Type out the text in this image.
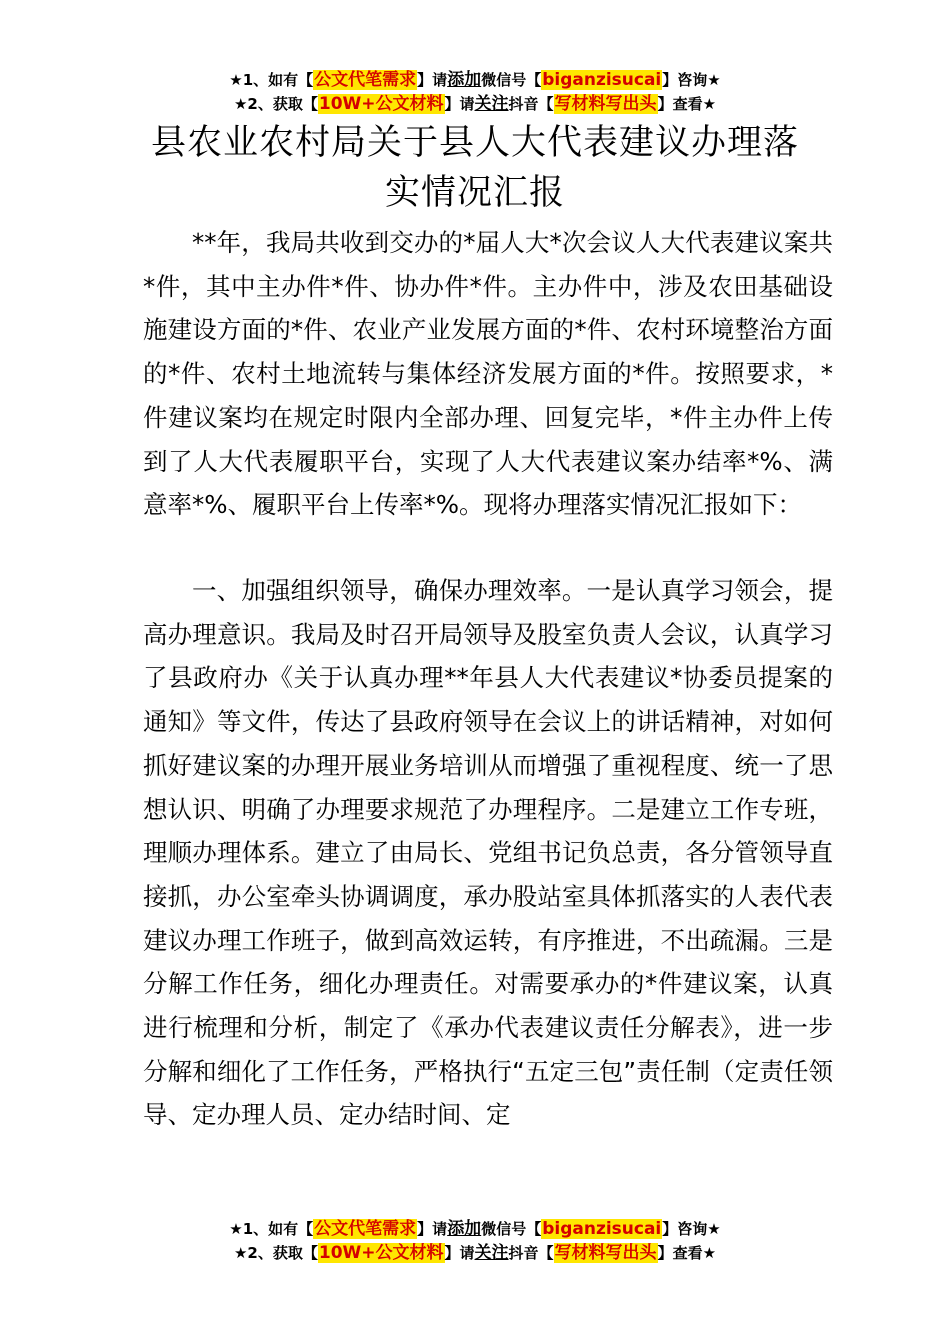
★1、如有【公文代笔需求】请添加微信号【biganzisucai】咨询★
★2、获取【10W+公文材料】请关注抖音【写材料写出头】查看★
县农业农村局关于县人大代表建议办理落
实情况汇报

**年，我局共收到交办的*届人大*次会议人大代表建议案共*件，其中主办件*件、协办件*件。主办件中，涉及农田基础设施建设方面的*件、农业产业发展方面的*件、农村环境整治方面的*件、农村土地流转与集体经济发展方面的*件。按照要求，*件建议案均在规定时限内全部办理、回复完毕，*件主办件上传到了人大代表履职平台，实现了人大代表建议案办结率*%、满意率*%、履职平台上传率*%。现将办理落实情况汇报如下：

一、加强组织领导，确保办理效率。一是认真学习领会，提高办理意识。我局及时召开局领导及股室负责人会议，认真学习了县政府办《关于认真办理**年县人大代表建议*协委员提案的通知》等文件，传达了县政府领导在会议上的讲话精神，对如何抓好建议案的办理开展业务培训从而增强了重视程度、统一了思想认识、明确了办理要求规范了办理程序。二是建立工作专班，理顺办理体系。建立了由局长、党组书记负总责，各分管领导直接抓，办公室牵头协调调度，承办股站室具体抓落实的人表代表建议办理工作班子，做到高效运转，有序推进，不出疏漏。三是分解工作任务，细化办理责任。对需要承办的*件建议案，认真进行梳理和分析，制定了《承办代表建议责任分解表》，进一步分解和细化了工作任务，严格执行“五定三包”责任制（定责任领导、定办理人员、定办结时间、定

★1、如有【公文代笔需求】请添加微信号【biganzisucai】咨询★
★2、获取【10W+公文材料】请关注抖音【写材料写出头】查看★
